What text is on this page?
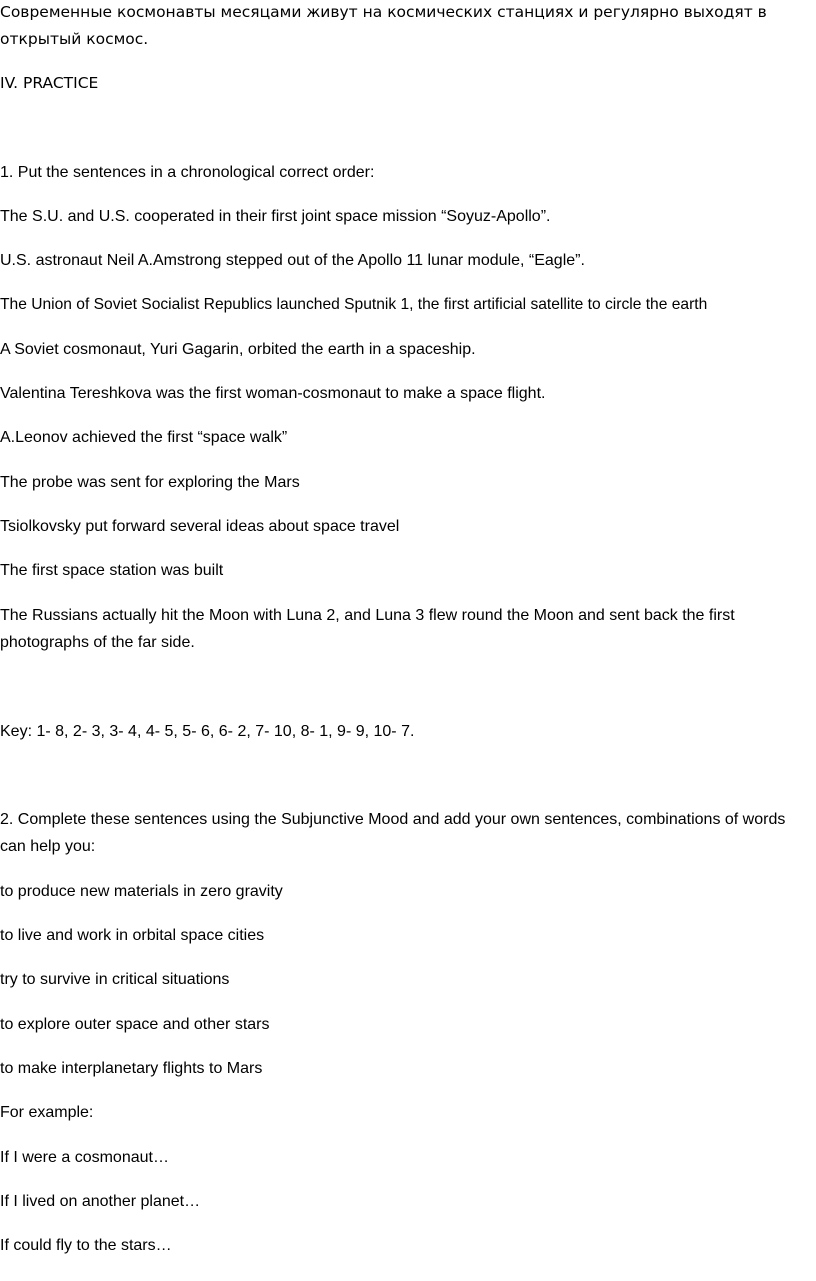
Современные космонавты месяцами живут на космических станциях и регулярно выходят в открытый космос.

IV. PRACTICE

1. Put the sentences in a chronological correct order:

The S.U. and U.S. cooperated in their first joint space mission “Soyuz-Apollo”.

U.S. astronaut Neil A.Amstrong stepped out of the Apollo 11 lunar module, “Eagle”.

The Union of Soviet Socialist Republics launched Sputnik 1, the first artificial satellite to circle the earth

A Soviet cosmonaut, Yuri Gagarin, orbited the earth in a spaceship.

Valentina Tereshkova was the first woman-cosmonaut to make a space flight.

A.Leonov achieved the first “space walk”

The probe was sent for exploring the Mars

Tsiolkovsky put forward several ideas about space travel

The first space station was built

The Russians actually hit the Moon with Luna 2, and Luna 3 flew round the Moon and sent back the first photographs of the far side.

Key: 1- 8, 2- 3, 3- 4, 4- 5, 5- 6, 6- 2, 7- 10, 8- 1, 9- 9, 10- 7.

2. Complete these sentences using the Subjunctive Mood and add your own sentences, combinations of words can help you:

to produce new materials in zero gravity

to live and work in orbital space cities

try to survive in critical situations

to explore outer space and other stars

to make interplanetary flights to Mars

For example:

If I were a cosmonaut…

If I lived on another planet…

If could fly to the stars…
